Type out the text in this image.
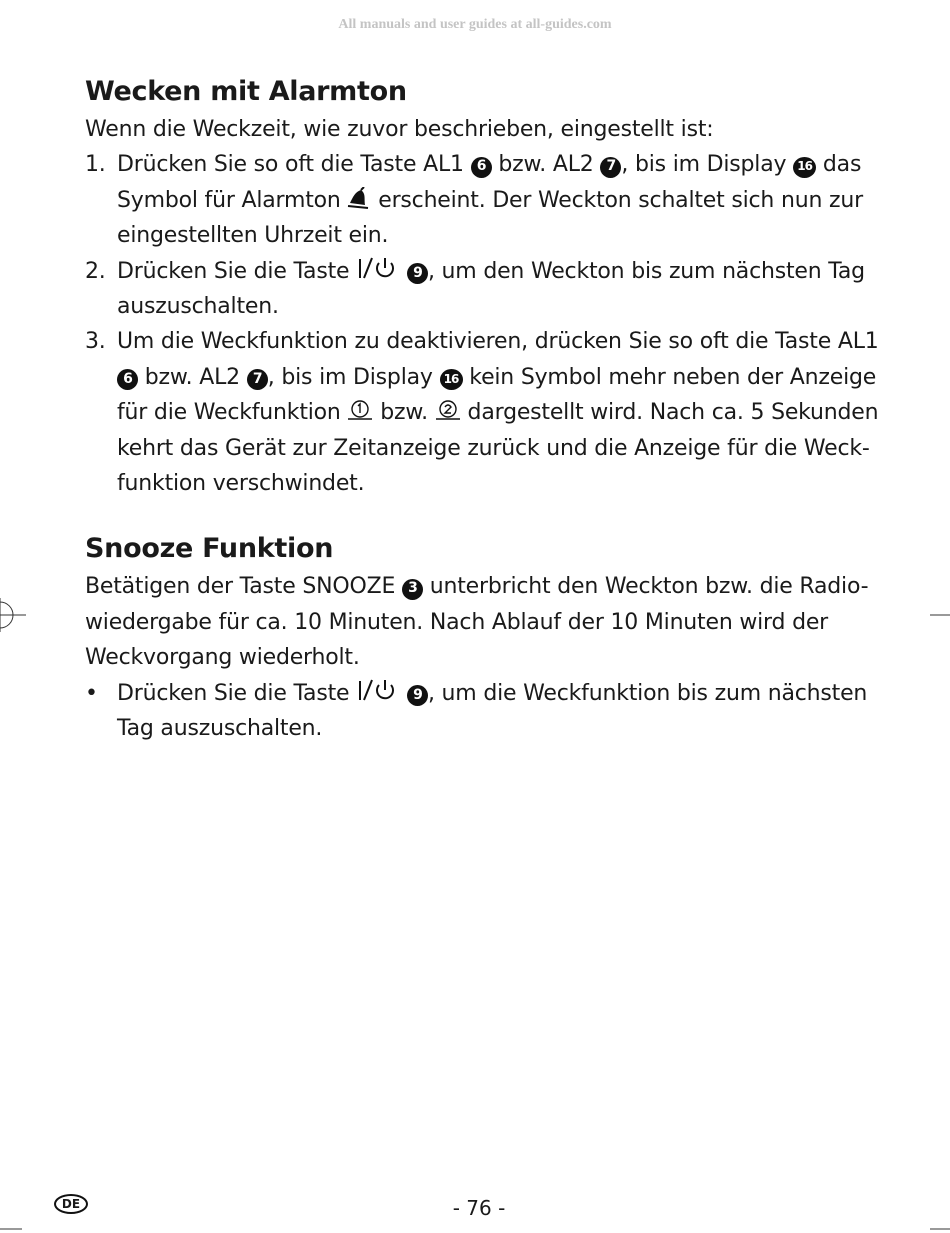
All manuals and user guides at all-guides.com
Wecken mit Alarmton

Wenn die Weckzeit, wie zuvor beschrieben, eingestellt ist:

1. Drücken Sie so oft die Taste AL1 6 bzw. AL2 7 , bis im Display 16 das Symbol für Alarmton  erscheint. Der Weckton schaltet sich nun zur eingestellten Uhrzeit ein.
2. Drücken Sie die Taste	9 , um den Weckton bis zum nächsten Tag auszuschalten.
3. Um die Weckfunktion zu deaktivieren, drücken Sie so oft die Taste AL1 6 bzw. AL2 7 , bis im Display 16 kein Symbol mehr neben der Anzeige für die Weckfunktion  bzw.  dargestellt wird. Nach ca. 5 Sekunden kehrt das Gerät zur Zeitanzeige zurück und die Anzeige für die Weck-funktion verschwindet.
Snooze Funktion

Betätigen der Taste SNOOZE 3 unterbricht den Weckton bzw. die Radio-wiedergabe für ca. 10 Minuten. Nach Ablauf der 10 Minuten wird der Weckvorgang wiederholt.

• Drücken Sie die Taste	9 , um die Weckfunktion bis zum nächsten Tag auszuschalten.
DE	- 76 -
